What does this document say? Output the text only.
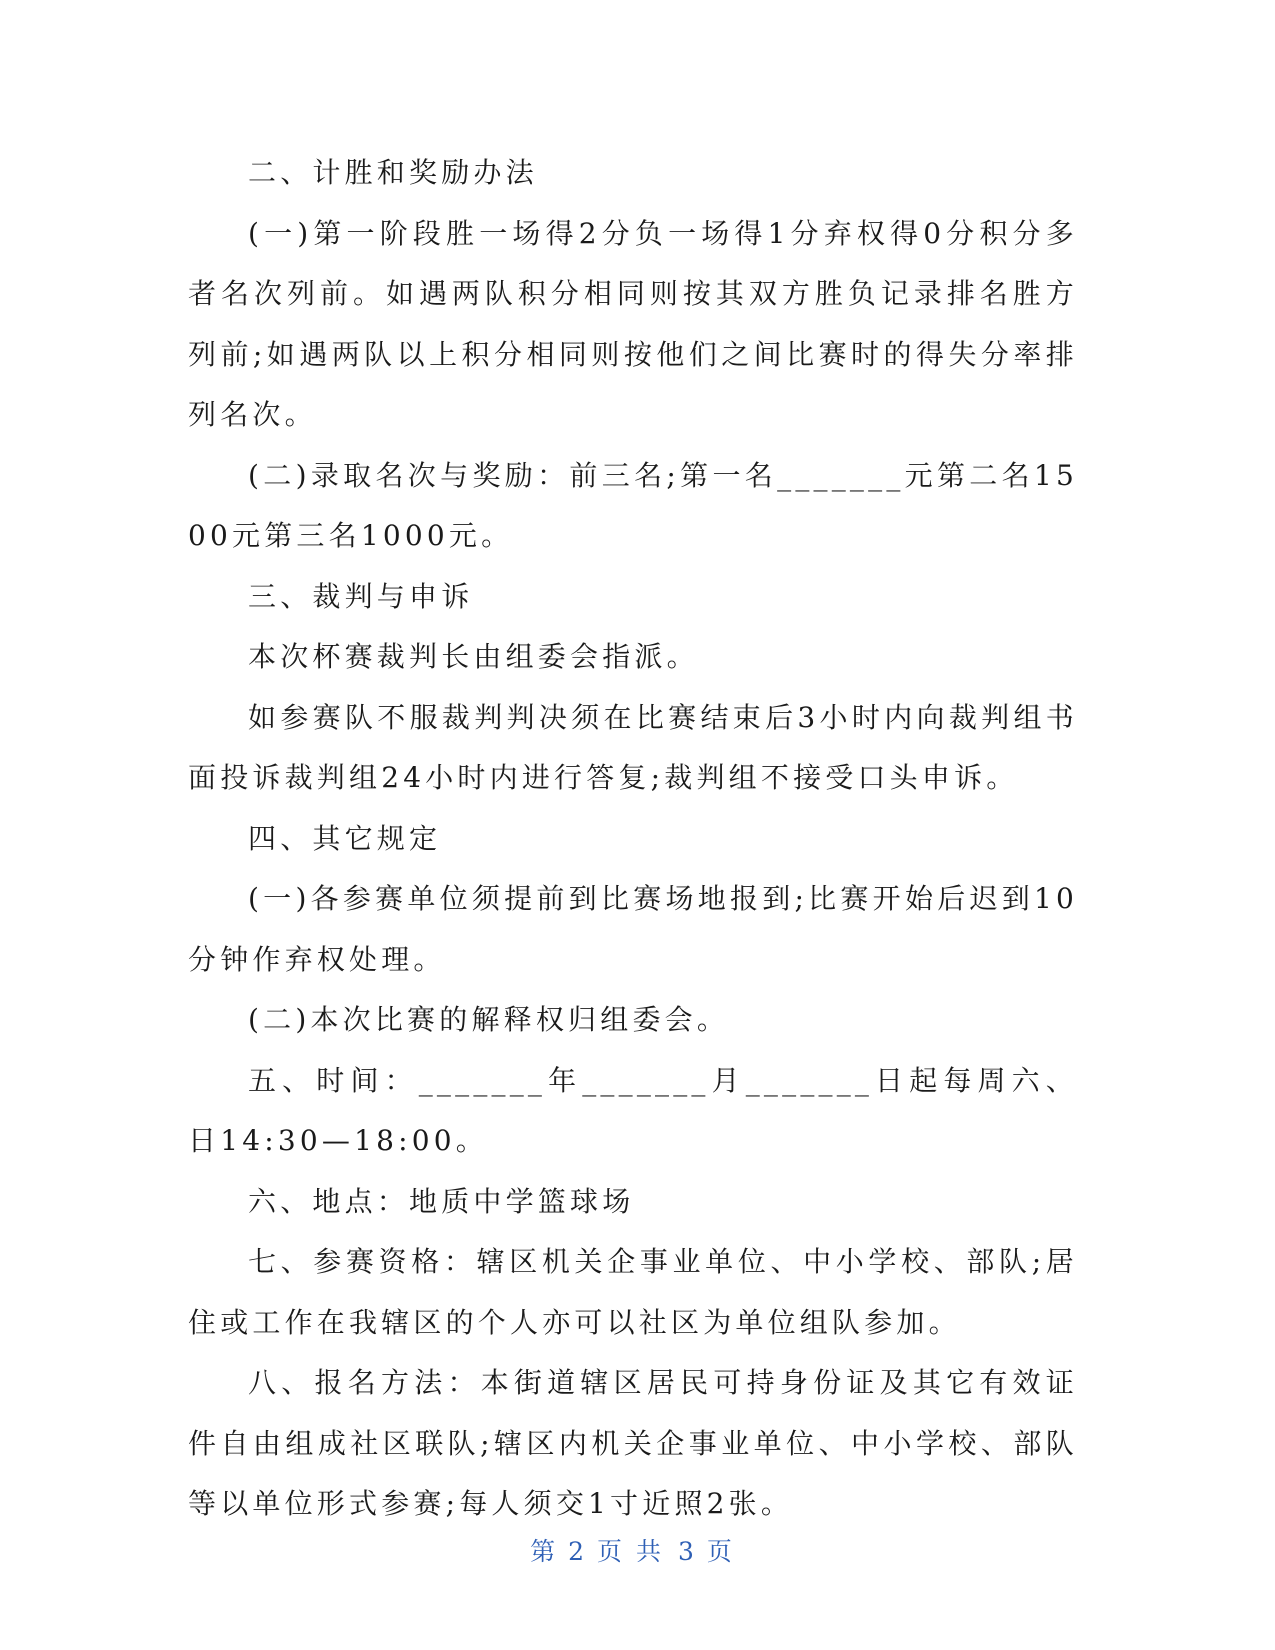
二、计胜和奖励办法

(一)第一阶段胜一场得2分负一场得1分弃权得0分积分多者名次列前。如遇两队积分相同则按其双方胜负记录排名胜方列前;如遇两队以上积分相同则按他们之间比赛时的得失分率排列名次。

(二)录取名次与奖励：前三名;第一名_______元第二名1500元第三名1000元。

三、裁判与申诉

本次杯赛裁判长由组委会指派。

如参赛队不服裁判判决须在比赛结束后3小时内向裁判组书面投诉裁判组24小时内进行答复;裁判组不接受口头申诉。

四、其它规定

(一)各参赛单位须提前到比赛场地报到;比赛开始后迟到10分钟作弃权处理。

(二)本次比赛的解释权归组委会。

五、时间：_______年_______月_______日起每周六、日14:30—18:00。

六、地点：地质中学篮球场

七、参赛资格：辖区机关企事业单位、中小学校、部队;居住或工作在我辖区的个人亦可以社区为单位组队参加。

八、报名方法：本街道辖区居民可持身份证及其它有效证件自由组成社区联队;辖区内机关企事业单位、中小学校、部队等以单位形式参赛;每人须交1寸近照2张。

第 2 页 共 3 页
